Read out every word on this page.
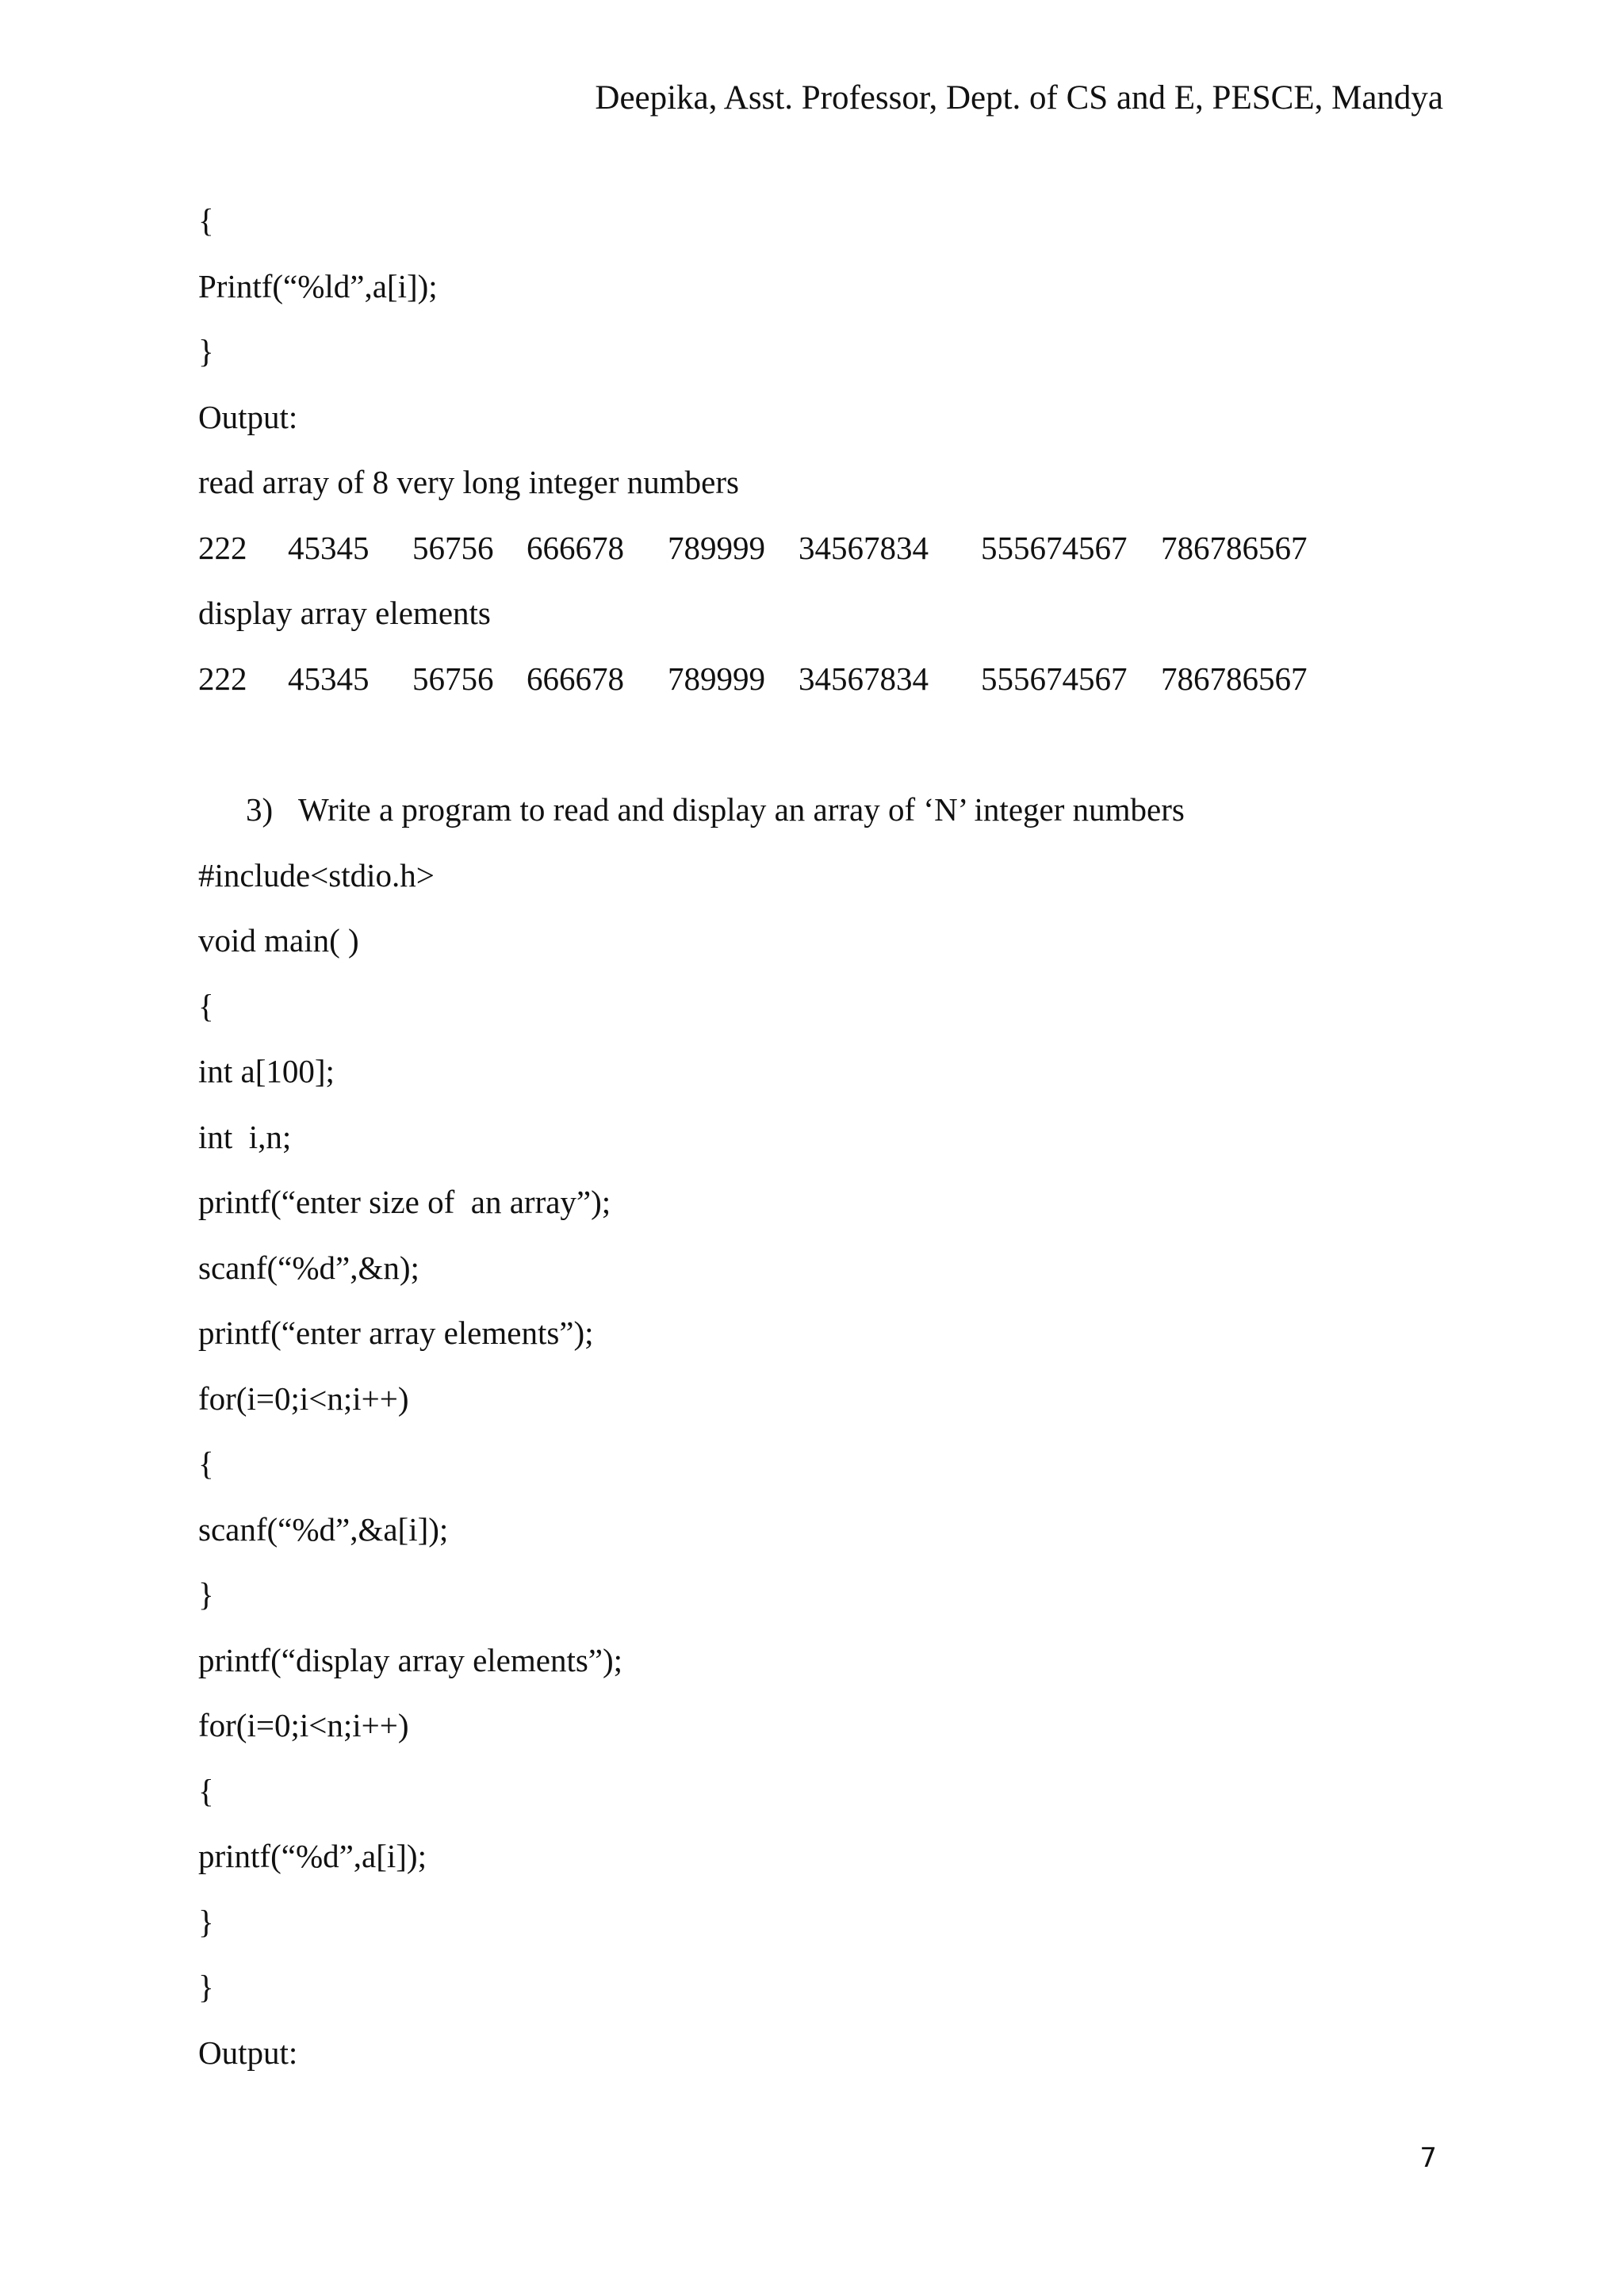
Deepika, Asst. Professor, Dept. of CS and E, PESCE, Mandya
{
Printf(“%ld”,a[i]);
}
Output:
read array of 8 very long integer numbers
222 45345 56756 666678 789999 34567834 555674567 786786567
display array elements
222 45345 56756 666678 789999 34567834 555674567 786786567
3) Write a program to read and display an array of ‘N’ integer numbers
#include<stdio.h>
void main( )
{
int a[100];
int  i,n;
printf(“enter size of  an array”);
scanf(“%d”,&n);
printf(“enter array elements”);
for(i=0;i<n;i++)
{
scanf(“%d”,&a[i]);
}
printf(“display array elements”);
for(i=0;i<n;i++)
{
printf(“%d”,a[i]);
}
}
Output:
7
